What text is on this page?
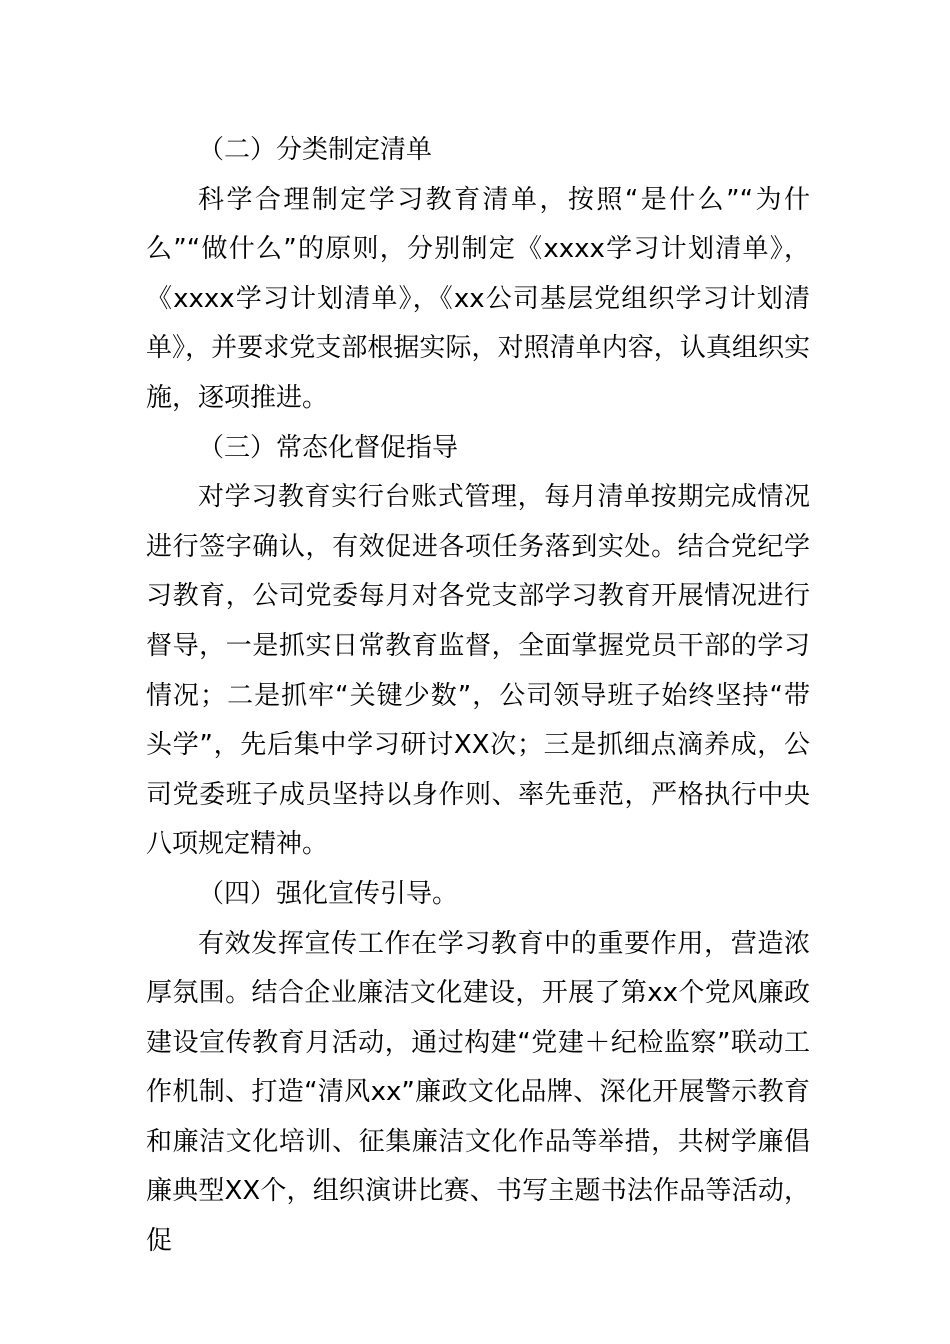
（二）分类制定清单

科学合理制定学习教育清单，按照“是什么”“为什么”“做什么”的原则，分别制定《xxxx学习计划清单》，《xxxx学习计划清单》，《xx公司基层党组织学习计划清单》，并要求党支部根据实际，对照清单内容，认真组织实施，逐项推进。

（三）常态化督促指导

对学习教育实行台账式管理，每月清单按期完成情况进行签字确认，有效促进各项任务落到实处。结合党纪学习教育，公司党委每月对各党支部学习教育开展情况进行督导，一是抓实日常教育监督，全面掌握党员干部的学习情况；二是抓牢“关键少数”，公司领导班子始终坚持“带头学”，先后集中学习研讨XX次；三是抓细点滴养成，公司党委班子成员坚持以身作则、率先垂范，严格执行中央八项规定精神。

（四）强化宣传引导。

有效发挥宣传工作在学习教育中的重要作用，营造浓厚氛围。结合企业廉洁文化建设，开展了第xx个党风廉政建设宣传教育月活动，通过构建“党建＋纪检监察”联动工作机制、打造“清风xx”廉政文化品牌、深化开展警示教育和廉洁文化培训、征集廉洁文化作品等举措，共树学廉倡廉典型XX个，组织演讲比赛、书写主题书法作品等活动，促
